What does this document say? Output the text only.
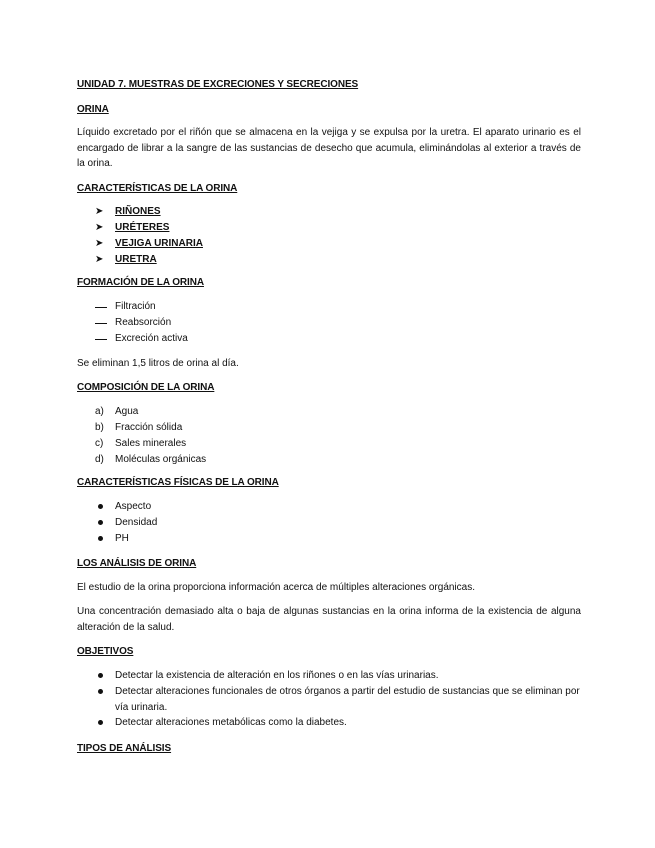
UNIDAD 7. MUESTRAS DE EXCRECIONES Y SECRECIONES
ORINA

Líquido excretado por el riñón que se almacena en la vejiga y se expulsa por la uretra. El aparato urinario es el encargado de librar a la sangre de las sustancias de desecho que acumula, eliminándolas al exterior a través de la orina.

CARACTERÍSTICAS DE LA ORINA
➤ RIÑONES
➤ URÉTERES
➤ VEJIGA URINARIA
➤ URETRA
FORMACIÓN DE LA ORINA
Filtración
Reabsorción
Excreción activa

Se eliminan 1,5 litros de orina al día.

COMPOSICIÓN DE LA ORINA
a) Agua
b) Fracción sólida
c) Sales minerales
d) Moléculas orgánicas
CARACTERÍSTICAS FÍSICAS DE LA ORINA
Aspecto
Densidad
PH
LOS ANÁLISIS DE ORINA

El estudio de la orina proporciona información acerca de múltiples alteraciones orgánicas.

Una concentración demasiado alta o baja de algunas sustancias en la orina informa de la existencia de alguna alteración de la salud.

OBJETIVOS
Detectar la existencia de alteración en los riñones o en las vías urinarias.
Detectar alteraciones funcionales de otros órganos a partir del estudio de sustancias que se eliminan por vía urinaria.
Detectar alteraciones metabólicas como la diabetes.
TIPOS DE ANÁLISIS
